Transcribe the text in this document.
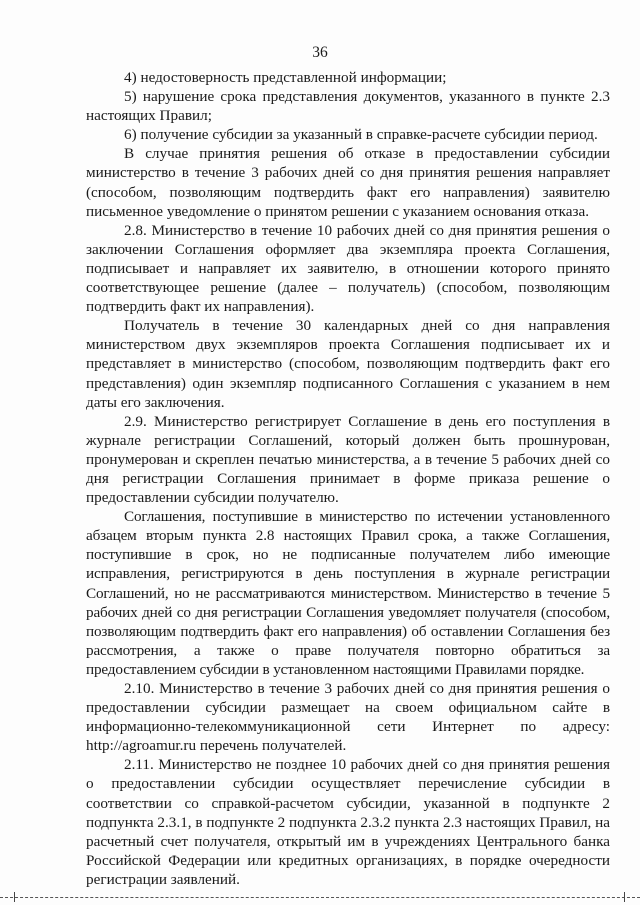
36

4) недостоверность представленной информации;

5) нарушение срока представления документов, указанного в пункте 2.3 настоящих Правил;

6) получение субсидии за указанный в справке-расчете субсидии период.

В случае принятия решения об отказе в предоставлении субсидии министерство в течение 3 рабочих дней со дня принятия решения направляет (способом, позволяющим подтвердить факт его направления) заявителю письменное уведомление о принятом решении с указанием основания отказа.

2.8. Министерство в течение 10 рабочих дней со дня принятия решения о заключении Соглашения оформляет два экземпляра проекта Соглашения, подписывает и направляет их заявителю, в отношении которого принято соответствующее решение (далее – получатель) (способом, позволяющим подтвердить факт их направления).

Получатель в течение 30 календарных дней со дня направления министерством двух экземпляров проекта Соглашения подписывает их и представляет в министерство (способом, позволяющим подтвердить факт его представления) один экземпляр подписанного Соглашения с указанием в нем даты его заключения.

2.9. Министерство регистрирует Соглашение в день его поступления в журнале регистрации Соглашений, который должен быть прошнурован, пронумерован и скреплен печатью министерства, а в течение 5 рабочих дней со дня регистрации Соглашения принимает в форме приказа решение о предоставлении субсидии получателю.

Соглашения, поступившие в министерство по истечении установленного абзацем вторым пункта 2.8 настоящих Правил срока, а также Соглашения, поступившие в срок, но не подписанные получателем либо имеющие исправления, регистрируются в день поступления в журнале регистрации Соглашений, но не рассматриваются министерством. Министерство в течение 5 рабочих дней со дня регистрации Соглашения уведомляет получателя (способом, позволяющим подтвердить факт его направления) об оставлении Соглашения без рассмотрения, а также о праве получателя повторно обратиться за предоставлением субсидии в установленном настоящими Правилами порядке.

2.10. Министерство в течение 3 рабочих дней со дня принятия решения о предоставлении субсидии размещает на своем официальном сайте в информационно-телекоммуникационной сети Интернет по адресу: http://agroamur.ru перечень получателей.

2.11. Министерство не позднее 10 рабочих дней со дня принятия решения о предоставлении субсидии осуществляет перечисление субсидии в соответствии со справкой-расчетом субсидии, указанной в подпункте 2 подпункта 2.3.1, в подпункте 2 подпункта 2.3.2 пункта 2.3 настоящих Правил, на расчетный счет получателя, открытый им в учреждениях Центрального банка Российской Федерации или кредитных организациях, в порядке очередности регистрации заявлений.
